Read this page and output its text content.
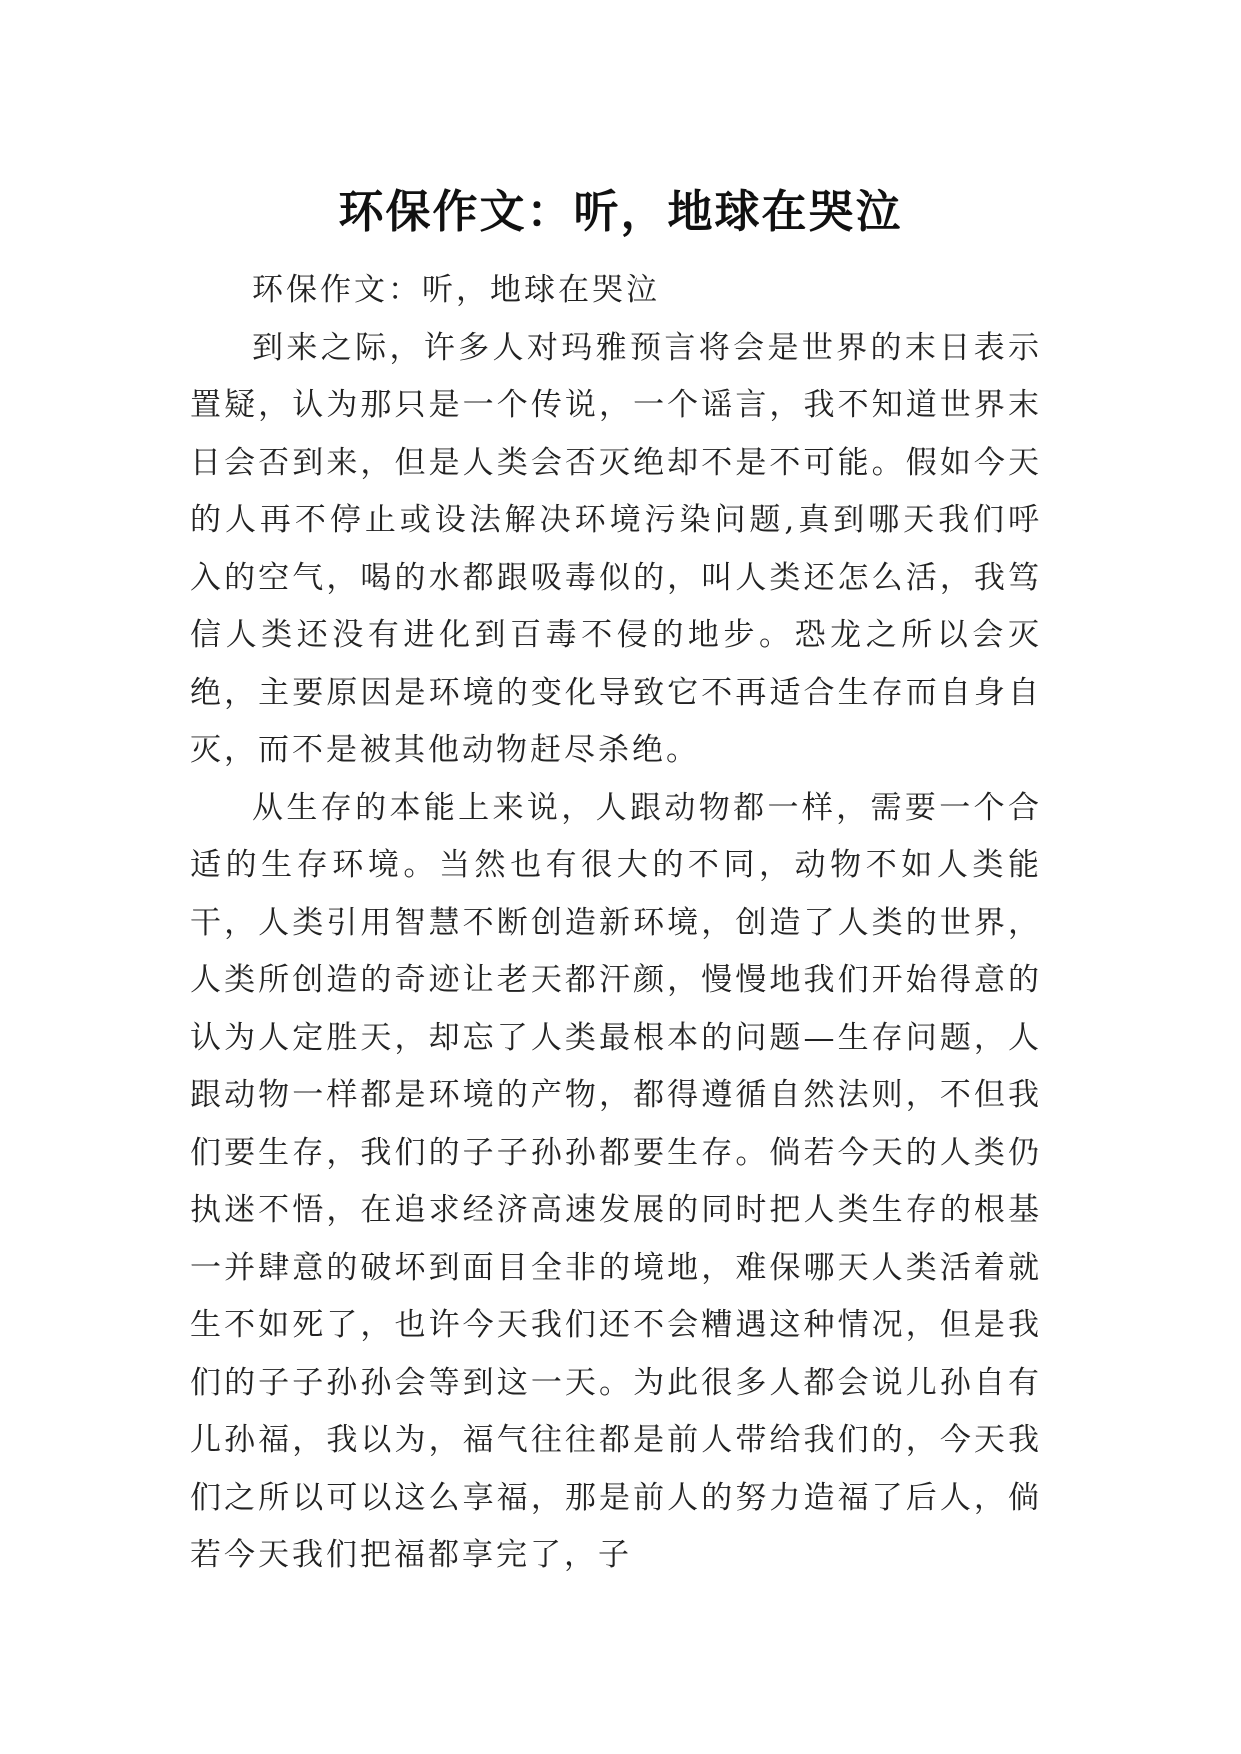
环保作文：听，地球在哭泣

环保作文：听，地球在哭泣

到来之际，许多人对玛雅预言将会是世界的末日表示置疑，认为那只是一个传说，一个谣言，我不知道世界末日会否到来，但是人类会否灭绝却不是不可能。假如今天的人再不停止或设法解决环境污染问题,真到哪天我们呼入的空气，喝的水都跟吸毒似的，叫人类还怎么活，我笃信人类还没有进化到百毒不侵的地步。恐龙之所以会灭绝，主要原因是环境的变化导致它不再适合生存而自身自灭，而不是被其他动物赶尽杀绝。

从生存的本能上来说，人跟动物都一样，需要一个合适的生存环境。当然也有很大的不同，动物不如人类能干，人类引用智慧不断创造新环境，创造了人类的世界，人类所创造的奇迹让老天都汗颜，慢慢地我们开始得意的认为人定胜天，却忘了人类最根本的问题—生存问题，人跟动物一样都是环境的产物，都得遵循自然法则，不但我们要生存，我们的子子孙孙都要生存。倘若今天的人类仍执迷不悟，在追求经济高速发展的同时把人类生存的根基一并肆意的破坏到面目全非的境地，难保哪天人类活着就生不如死了，也许今天我们还不会糟遇这种情况，但是我们的子子孙孙会等到这一天。为此很多人都会说儿孙自有儿孙福，我以为，福气往往都是前人带给我们的，今天我们之所以可以这么享福，那是前人的努力造福了后人，倘若今天我们把福都享完了，子
